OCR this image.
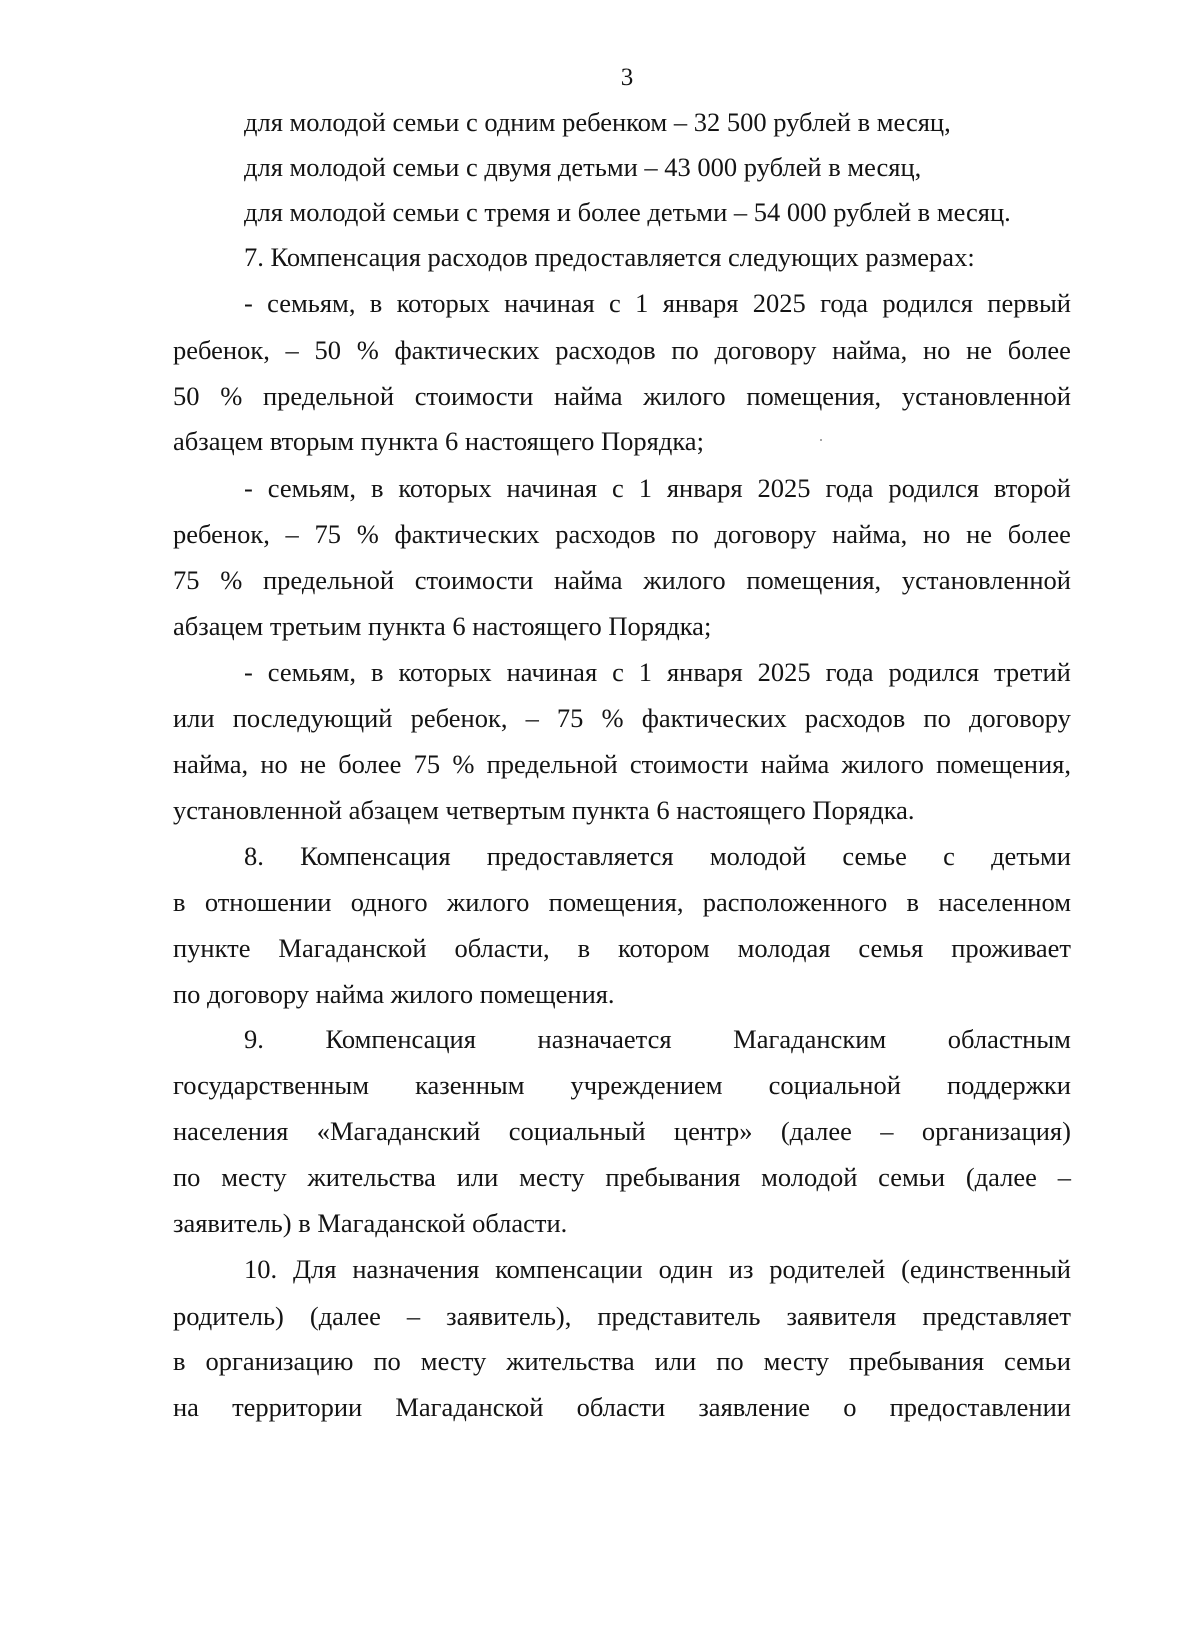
3
для молодой семьи с одним ребенком – 32 500 рублей в месяц,
для молодой семьи с двумя детьми – 43 000 рублей в месяц,
для молодой семьи с тремя и более детьми – 54 000 рублей в месяц.
7. Компенсация расходов предоставляется следующих размерах:
- семьям, в которых начиная с 1 января 2025 года родился первый
ребенок, – 50 % фактических расходов по договору найма, но не более
50 % предельной стоимости найма жилого помещения, установленной
абзацем вторым пункта 6 настоящего Порядка;
- семьям, в которых начиная с 1 января 2025 года родился второй
ребенок, – 75 % фактических расходов по договору найма, но не более
75 % предельной стоимости найма жилого помещения, установленной
абзацем третьим пункта 6 настоящего Порядка;
- семьям, в которых начиная с 1 января 2025 года родился третий
или последующий ребенок, – 75 % фактических расходов по договору
найма, но не более 75 % предельной стоимости найма жилого помещения,
установленной абзацем четвертым пункта 6 настоящего Порядка.
8. Компенсация предоставляется молодой семье с детьми
в отношении одного жилого помещения, расположенного в населенном
пункте Магаданской области, в котором молодая семья проживает
по договору найма жилого помещения.
9. Компенсация назначается Магаданским областным
государственным казенным учреждением социальной поддержки
населения «Магаданский социальный центр» (далее – организация)
по месту жительства или месту пребывания молодой семьи (далее –
заявитель) в Магаданской области.
10. Для назначения компенсации один из родителей (единственный
родитель) (далее – заявитель), представитель заявителя представляет
в организацию по месту жительства или по месту пребывания семьи
на территории Магаданской области заявление о предоставлении
